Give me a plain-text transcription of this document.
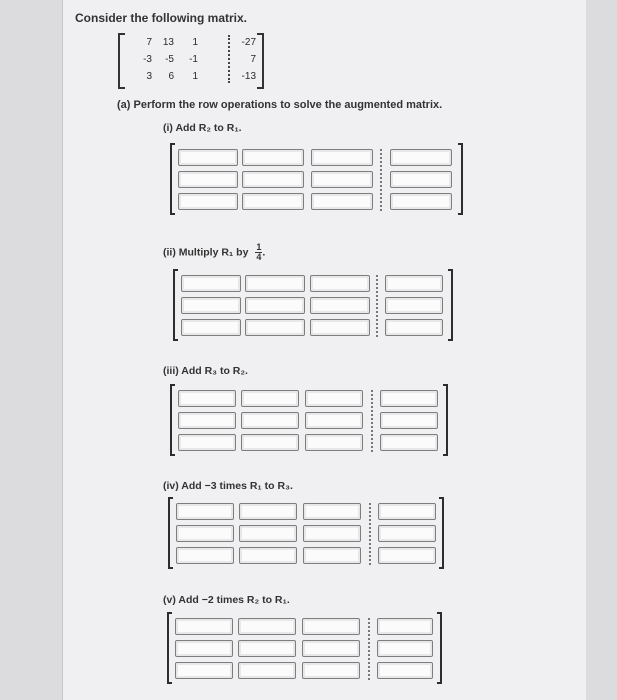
Consider the following matrix.
7	13	1	-27
-3	-5	-1	7
3	6	1	-13
(a) Perform the row operations to solve the augmented matrix.
(i) Add R₂ to R₁.
(ii) Multiply R₁ by $\frac{1}{4}$ .
(iii) Add R₃ to R₂.
(iv) Add −3 times R₁ to R₃.
(v) Add −2 times R₂ to R₁.
